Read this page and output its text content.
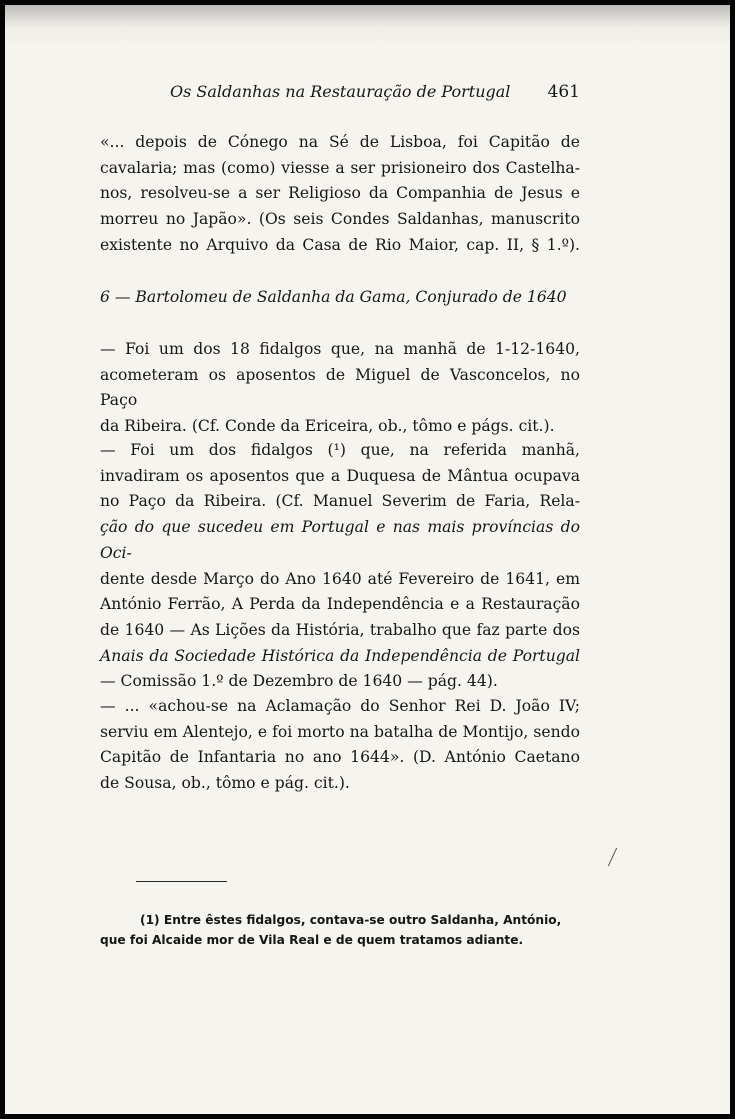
Os Saldanhas na Restauração de Portugal 461
«... depois de Cónego na Sé de Lisboa, foi Capitão de
cavalaria; mas (como) viesse a ser prisioneiro dos Castelha-
nos, resolveu-se a ser Religioso da Companhia de Jesus e
morreu no Japão». (Os seis Condes Saldanhas, manuscrito
existente no Arquivo da Casa de Rio Maior, cap. II, § 1.º).
6 — Bartolomeu de Saldanha da Gama, Conjurado de 1640
— Foi um dos 18 fidalgos que, na manhã de 1-12-1640,
acometeram os aposentos de Miguel de Vasconcelos, no Paço
da Ribeira. (Cf. Conde da Ericeira, ob., tômo e págs. cit.).
— Foi um dos fidalgos (¹) que, na referida manhã,
invadiram os aposentos que a Duquesa de Mântua ocupava
no Paço da Ribeira. (Cf. Manuel Severim de Faria, Rela-
ção do que sucedeu em Portugal e nas mais províncias do Oci-
dente desde Março do Ano 1640 até Fevereiro de 1641, em
António Ferrão, A Perda da Independência e a Restauração
de 1640 — As Lições da História, trabalho que faz parte dos
Anais da Sociedade Histórica da Independência de Portugal
— Comissão 1.º de Dezembro de 1640 — pág. 44).
— ... «achou-se na Aclamação do Senhor Rei D. João IV;
serviu em Alentejo, e foi morto na batalha de Montijo, sendo
Capitão de Infantaria no ano 1644». (D. António Caetano
de Sousa, ob., tômo e pág. cit.).
(1) Entre êstes fidalgos, contava-se outro Saldanha, António,
que foi Alcaide mor de Vila Real e de quem tratamos adiante.
